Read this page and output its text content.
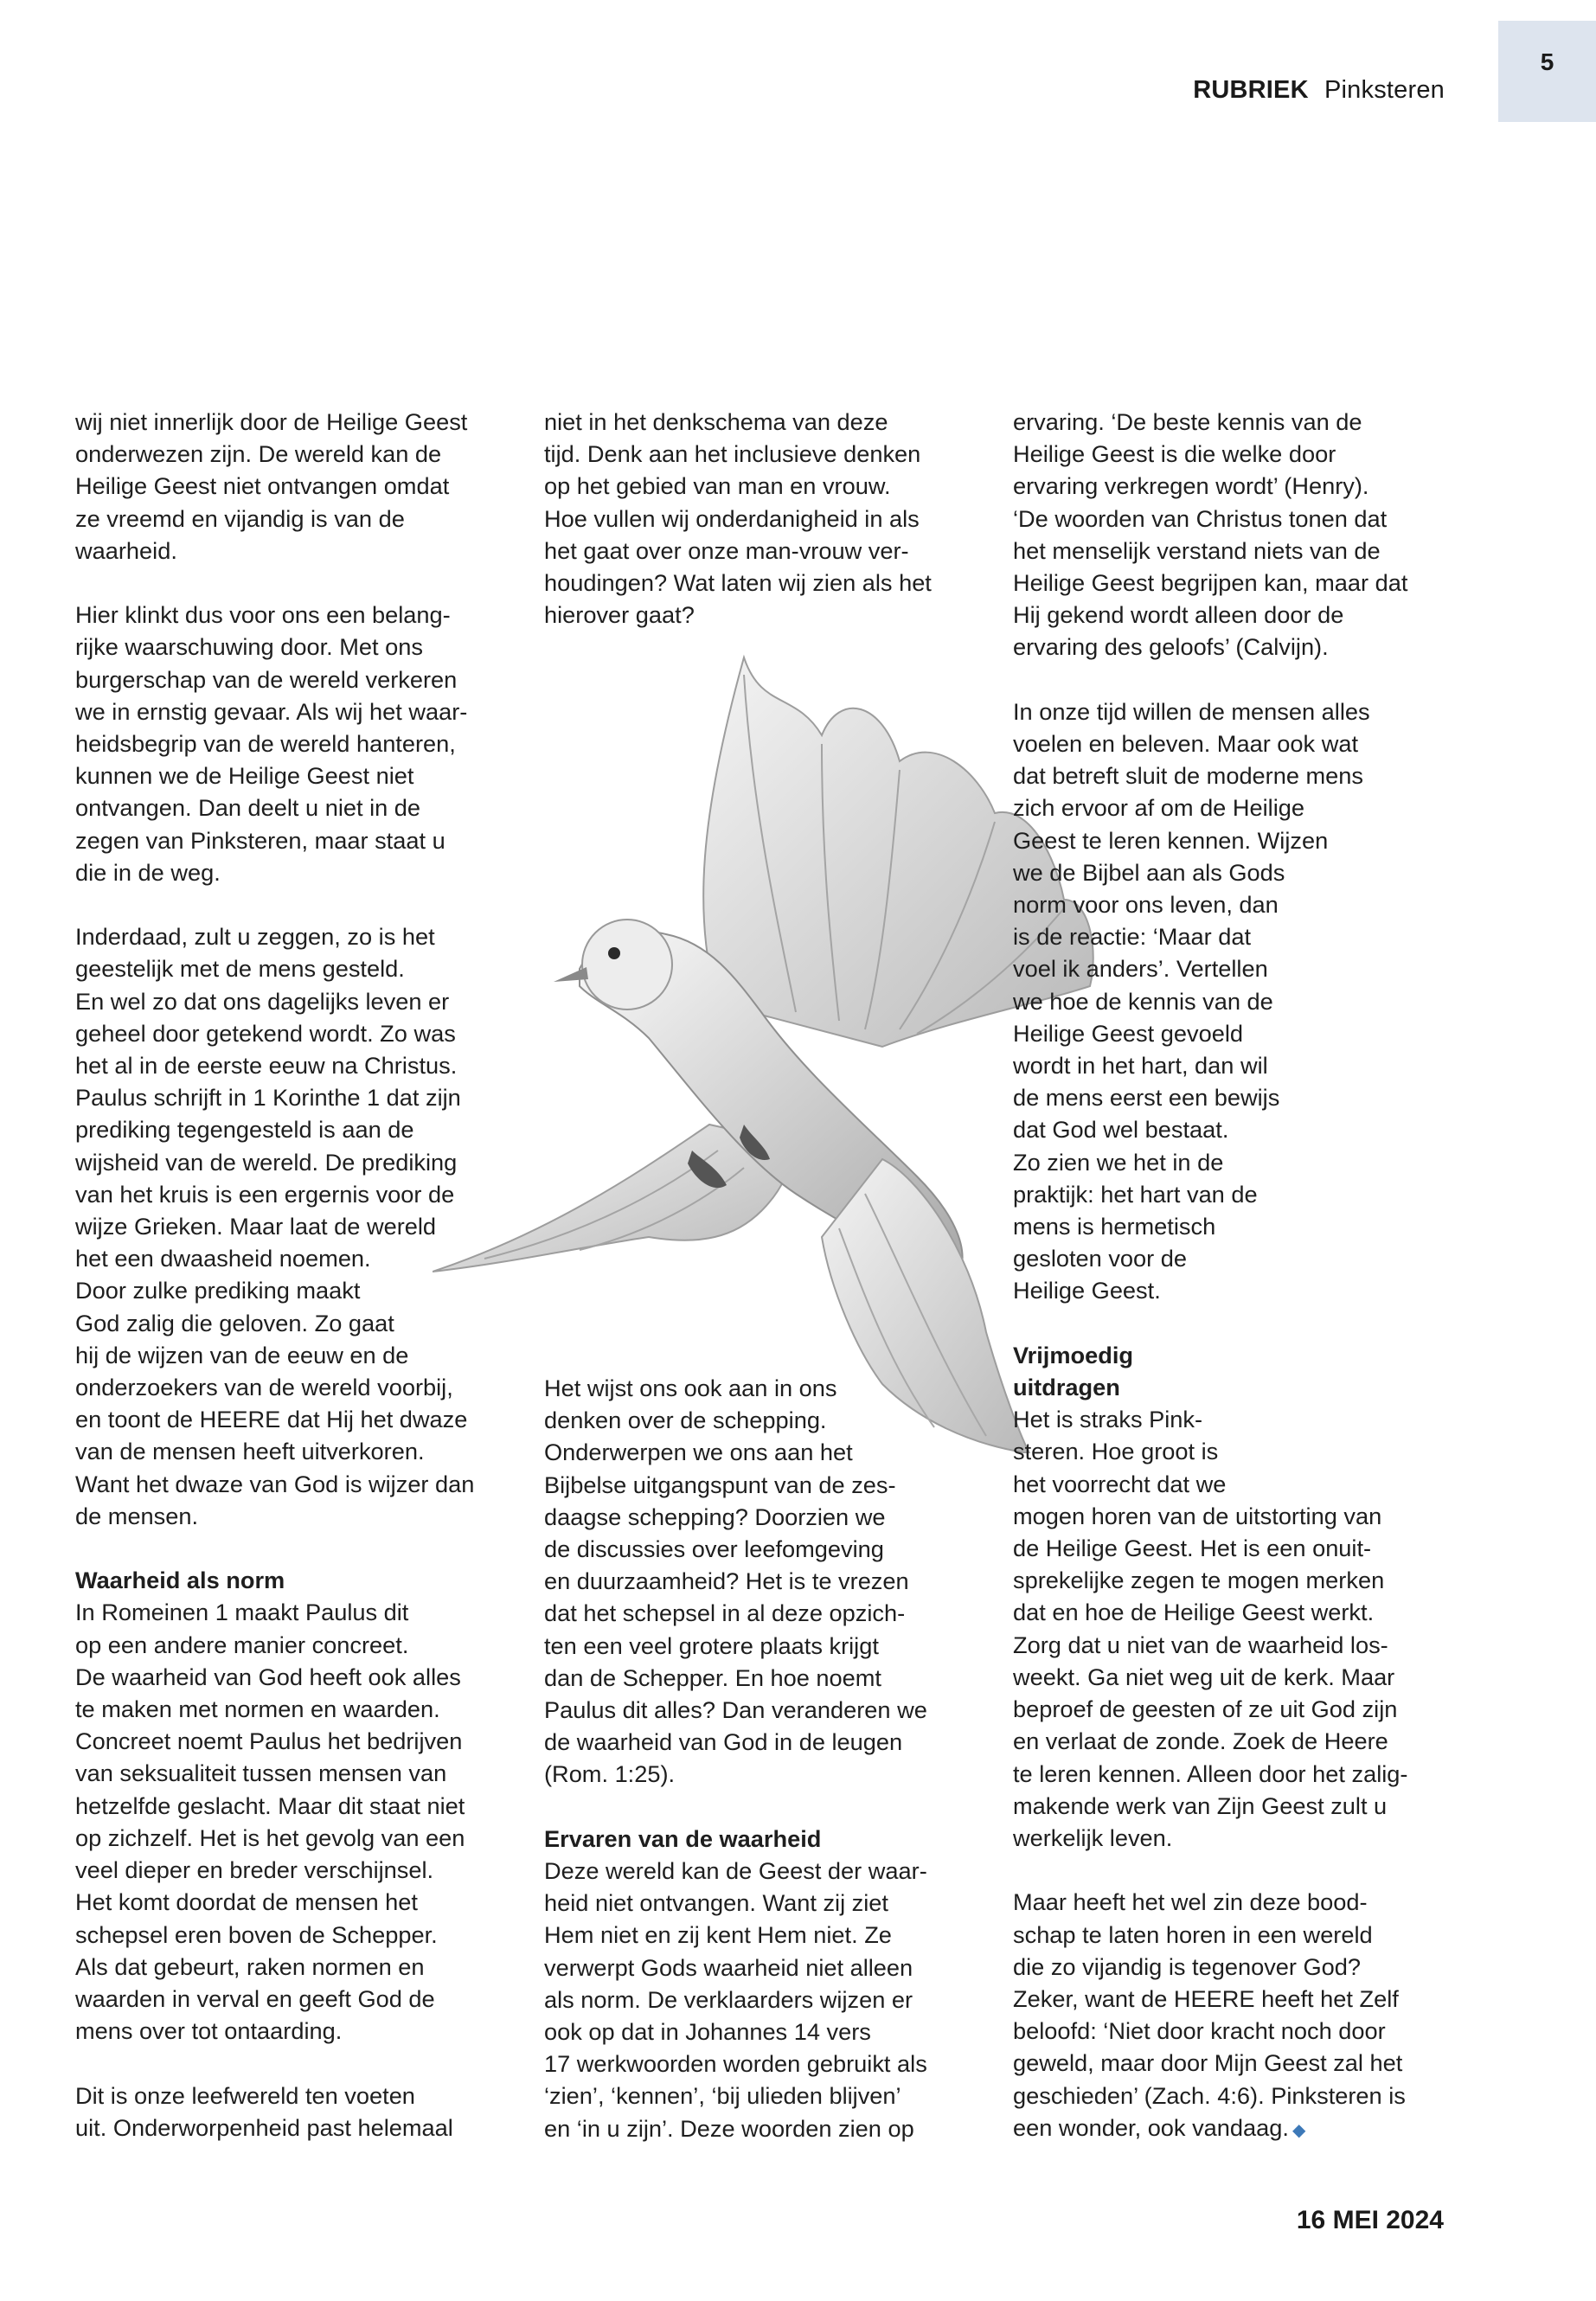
RUBRIEK Pinksteren
5

wij niet innerlijk door de Heilige Geest
onderwezen zijn. De wereld kan de
Heilige Geest niet ontvangen omdat
ze vreemd en vijandig is van de
waarheid.

Hier klinkt dus voor ons een belang-
rijke waarschuwing door. Met ons
burgerschap van de wereld verkeren
we in ernstig gevaar. Als wij het waar-
heidsbegrip van de wereld hanteren,
kunnen we de Heilige Geest niet
ontvangen. Dan deelt u niet in de
zegen van Pinksteren, maar staat u
die in de weg.

Inderdaad, zult u zeggen, zo is het
geestelijk met de mens gesteld.
En wel zo dat ons dagelijks leven er
geheel door getekend wordt. Zo was
het al in de eerste eeuw na Christus.
Paulus schrijft in 1 Korinthe 1 dat zijn
prediking tegengesteld is aan de
wijsheid van de wereld. De prediking
van het kruis is een ergernis voor de
wijze Grieken. Maar laat de wereld
het een dwaasheid noemen.
Door zulke prediking maakt
God zalig die geloven. Zo gaat
hij de wijzen van de eeuw en de
onderzoekers van de wereld voorbij,
en toont de HEERE dat Hij het dwaze
van de mensen heeft uitverkoren.
Want het dwaze van God is wijzer dan
de mensen.

Waarheid als norm

In Romeinen 1 maakt Paulus dit
op een andere manier concreet.
De waarheid van God heeft ook alles
te maken met normen en waarden.
Concreet noemt Paulus het bedrijven
van seksualiteit tussen mensen van
hetzelfde geslacht. Maar dit staat niet
op zichzelf. Het is het gevolg van een
veel dieper en breder verschijnsel.
Het komt doordat de mensen het
schepsel eren boven de Schepper.
Als dat gebeurt, raken normen en
waarden in verval en geeft God de
mens over tot ontaarding.

Dit is onze leefwereld ten voeten
uit. Onderworpenheid past helemaal

niet in het denkschema van deze
tijd. Denk aan het inclusieve denken
op het gebied van man en vrouw.
Hoe vullen wij onderdanigheid in als
het gaat over onze man-vrouw ver-
houdingen? Wat laten wij zien als het
hierover gaat?

Het wijst ons ook aan in ons
denken over de schepping.
Onderwerpen we ons aan het
Bijbelse uitgangspunt van de zes-
daagse schepping? Doorzien we
de discussies over leefomgeving
en duurzaamheid? Het is te vrezen
dat het schepsel in al deze opzich-
ten een veel grotere plaats krijgt
dan de Schepper. En hoe noemt
Paulus dit alles? Dan veranderen we
de waarheid van God in de leugen
(Rom. 1:25).

Ervaren van de waarheid

Deze wereld kan de Geest der waar-
heid niet ontvangen. Want zij ziet
Hem niet en zij kent Hem niet. Ze
verwerpt Gods waarheid niet alleen
als norm. De verklaarders wijzen er
ook op dat in Johannes 14 vers
17 werkwoorden worden gebruikt als
‘zien’, ‘kennen’, ‘bij ulieden blijven’
en ‘in u zijn’. Deze woorden zien op

ervaring. ‘De beste kennis van de
Heilige Geest is die welke door
ervaring verkregen wordt’ (Henry).
‘De woorden van Christus tonen dat
het menselijk verstand niets van de
Heilige Geest begrijpen kan, maar dat
Hij gekend wordt alleen door de
ervaring des geloofs’ (Calvijn).

In onze tijd willen de mensen alles
voelen en beleven. Maar ook wat
dat betreft sluit de moderne mens
zich ervoor af om de Heilige
Geest te leren kennen. Wijzen
we de Bijbel aan als Gods
norm voor ons leven, dan
is de reactie: ‘Maar dat
voel ik anders’. Vertellen
we hoe de kennis van de
Heilige Geest gevoeld
wordt in het hart, dan wil
de mens eerst een bewijs
dat God wel bestaat.
Zo zien we het in de
praktijk: het hart van de
mens is hermetisch
gesloten voor de
Heilige Geest.

Vrijmoedig
uitdragen

Het is straks Pink-
steren. Hoe groot is
het voorrecht dat we
mogen horen van de uitstorting van
de Heilige Geest. Het is een onuit-
sprekelijke zegen te mogen merken
dat en hoe de Heilige Geest werkt.
Zorg dat u niet van de waarheid los-
weekt. Ga niet weg uit de kerk. Maar
beproef de geesten of ze uit God zijn
en verlaat de zonde. Zoek de Heere
te leren kennen. Alleen door het zalig-
makende werk van Zijn Geest zult u
werkelijk leven.

Maar heeft het wel zin deze bood-
schap te laten horen in een wereld
die zo vijandig is tegenover God?
Zeker, want de HEERE heeft het Zelf
beloofd: ‘Niet door kracht noch door
geweld, maar door Mijn Geest zal het
geschieden’ (Zach. 4:6). Pinksteren is
een wonder, ook vandaag. ◆

16 MEI 2024
